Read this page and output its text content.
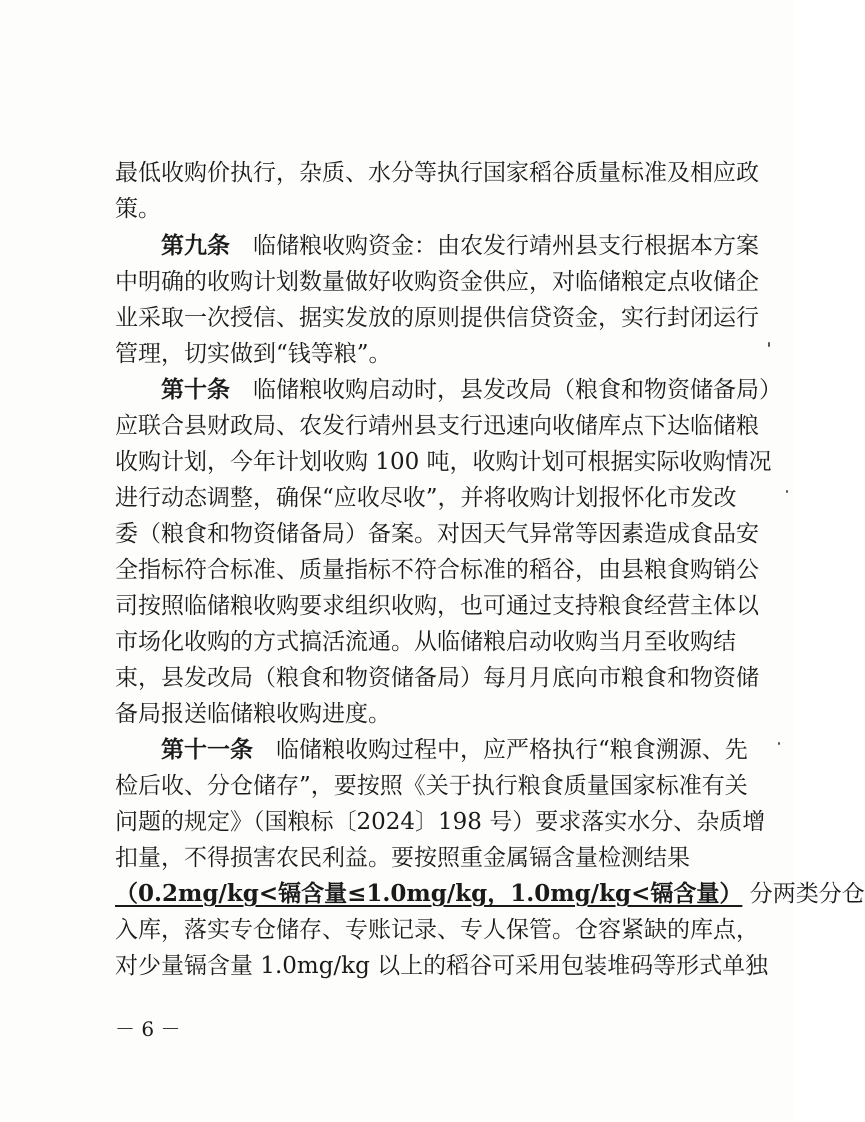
最低收购价执行，杂质、水分等执行国家稻谷质量标准及相应政
策。
第九条  临储粮收购资金：由农发行靖州县支行根据本方案
中明确的收购计划数量做好收购资金供应，对临储粮定点收储企
业采取一次授信、据实发放的原则提供信贷资金，实行封闭运行
管理，切实做到“钱等粮”。
第十条  临储粮收购启动时，县发改局（粮食和物资储备局）
应联合县财政局、农发行靖州县支行迅速向收储库点下达临储粮
收购计划，今年计划收购 100 吨，收购计划可根据实际收购情况
进行动态调整，确保“应收尽收”，并将收购计划报怀化市发改
委（粮食和物资储备局）备案。对因天气异常等因素造成食品安
全指标符合标准、质量指标不符合标准的稻谷，由县粮食购销公
司按照临储粮收购要求组织收购，也可通过支持粮食经营主体以
市场化收购的方式搞活流通。从临储粮启动收购当月至收购结
束，县发改局（粮食和物资储备局）每月月底向市粮食和物资储
备局报送临储粮收购进度。
第十一条  临储粮收购过程中，应严格执行“粮食溯源、先
检后收、分仓储存”，要按照《关于执行粮食质量国家标准有关
问题的规定》（国粮标〔2024〕198 号）要求落实水分、杂质增
扣量，不得损害农民利益。要按照重金属镉含量检测结果
（0.2mg/kg<镉含量≤1.0mg/kg，1.0mg/kg<镉含量） 分两类分仓
入库，落实专仓储存、专账记录、专人保管。仓容紧缺的库点，
对少量镉含量 1.0mg/kg 以上的稻谷可采用包装堆码等形式单独
－ 6 －
